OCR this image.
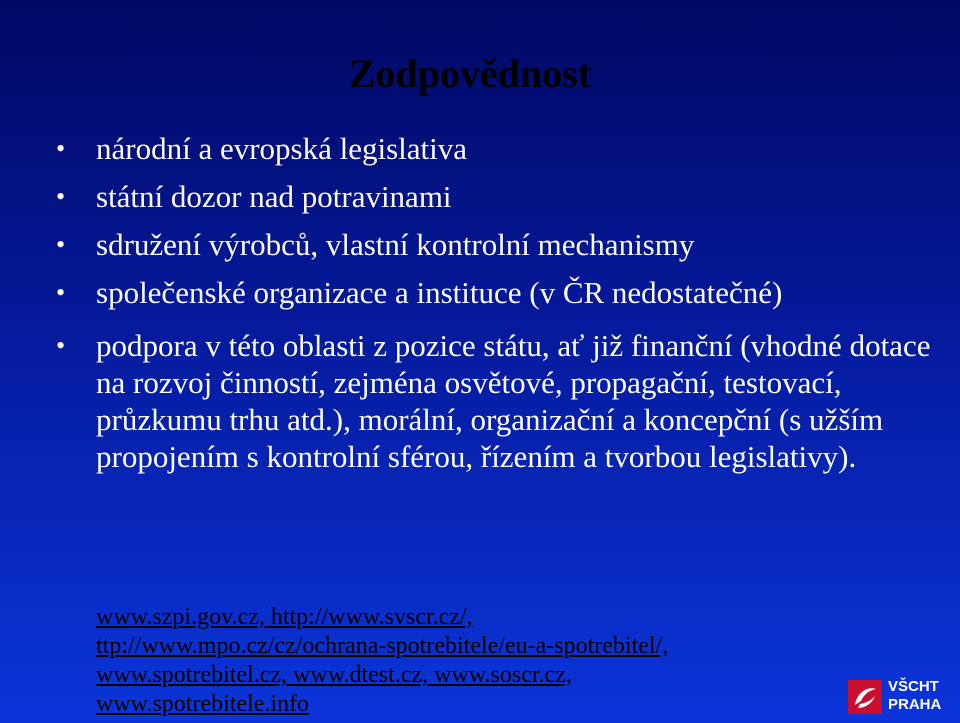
Zodpovědnost
• národní a evropská legislativa
• státní dozor nad potravinami
• sdružení výrobců, vlastní kontrolní mechanismy
• společenské organizace a instituce (v ČR nedostatečné)
• podpora v této oblasti z pozice státu, ať již finanční (vhodné dotace na rozvoj činností, zejména osvětové, propagační, testovací, průzkumu trhu atd.), morální, organizační a koncepční (s užším propojením s kontrolní sférou, řízením a tvorbou legislativy).
www.szpi.gov.cz, http://www.svscr.cz/,
ttp://www.mpo.cz/cz/ochrana-spotrebitele/eu-a-spotrebitel/,
www.spotrebitel.cz, www.dtest.cz, www.soscr.cz,
www.spotrebitele.info
VŠCHT
PRAHA
